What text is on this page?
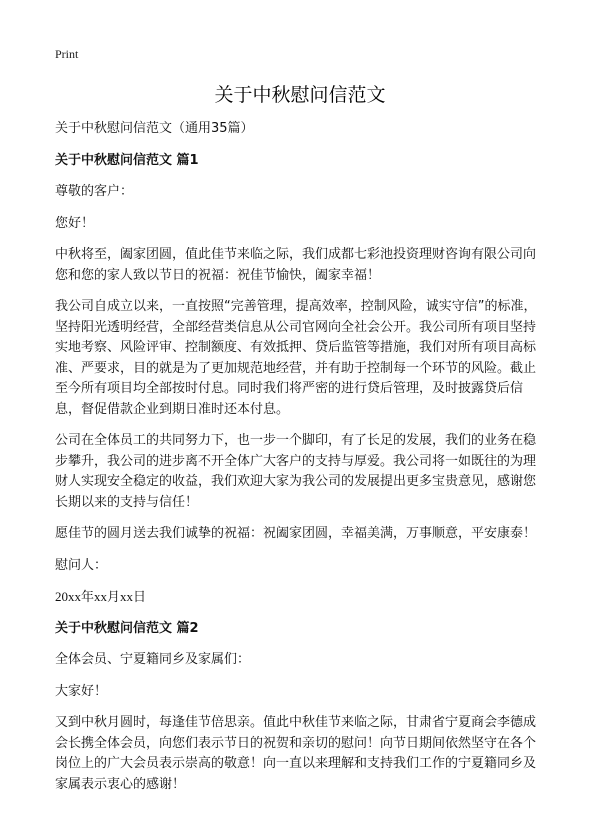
Print
关于中秋慰问信范文

关于中秋慰问信范文（通用35篇）

关于中秋慰问信范文 篇1

尊敬的客户：

您好！

中秋将至，阖家团圆，值此佳节来临之际，我们成都七彩池投资理财咨询有限公司向您和您的家人致以节日的祝福：祝佳节愉快，阖家幸福！

我公司自成立以来，一直按照“完善管理，提高效率，控制风险，诚实守信”的标准，坚持阳光透明经营，全部经营类信息从公司官网向全社会公开。我公司所有项目坚持实地考察、风险评审、控制额度、有效抵押、贷后监管等措施，我们对所有项目高标准、严要求，目的就是为了更加规范地经营，并有助于控制每一个环节的风险。截止至今所有项目均全部按时付息。同时我们将严密的进行贷后管理，及时披露贷后信息，督促借款企业到期日准时还本付息。

公司在全体员工的共同努力下，也一步一个脚印，有了长足的发展，我们的业务在稳步攀升，我公司的进步离不开全体广大客户的支持与厚爱。我公司将一如既往的为理财人实现安全稳定的收益，我们欢迎大家为我公司的发展提出更多宝贵意见，感谢您长期以来的支持与信任！

愿佳节的圆月送去我们诚挚的祝福：祝阖家团圆，幸福美满，万事顺意，平安康泰！

慰问人：

20xx年xx月xx日

关于中秋慰问信范文 篇2

全体会员、宁夏籍同乡及家属们：

大家好！

又到中秋月圆时，每逢佳节倍思亲。值此中秋佳节来临之际，甘肃省宁夏商会李德成会长携全体会员，向您们表示节日的祝贺和亲切的慰问！向节日期间依然坚守在各个岗位上的广大会员表示崇高的敬意！向一直以来理解和支持我们工作的宁夏籍同乡及家属表示衷心的感谢！
